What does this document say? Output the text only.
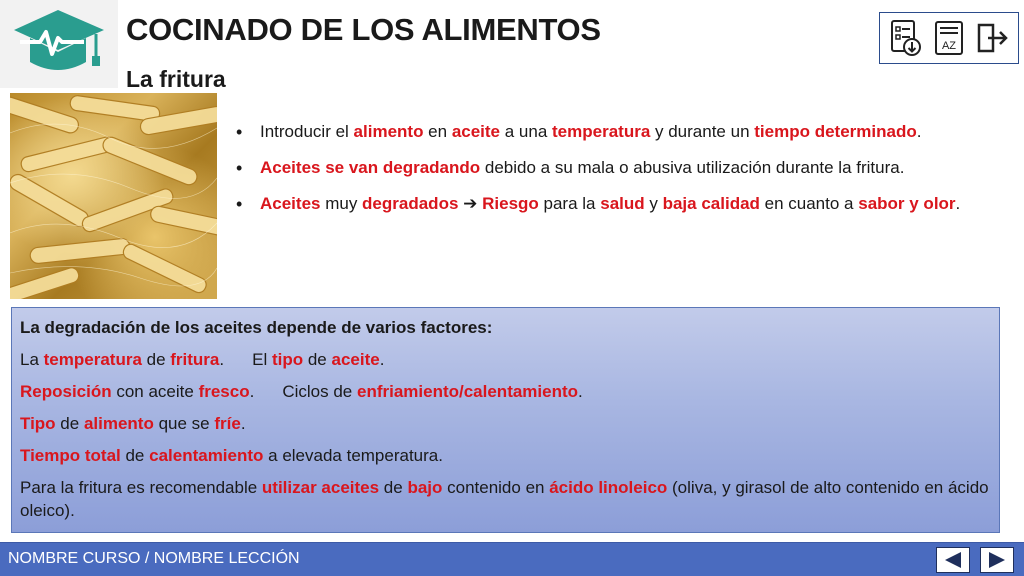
COCINADO DE LOS ALIMENTOS
La fritura
AZ
• Introducir el alimento en aceite a una temperatura y durante un tiempo determinado.
• Aceites se van degradando debido a su mala o abusiva utilización durante la fritura.
• Aceites muy degradados ➔ Riesgo para la salud y baja calidad en cuanto a sabor y olor.
La degradación de los aceites depende de varios factores:
La temperatura de fritura. El tipo de aceite.
Reposición con aceite fresco. Ciclos de enfriamiento/calentamiento.
Tipo de alimento que se fríe.
Tiempo total de calentamiento a elevada temperatura.
Para la fritura es recomendable utilizar aceites de bajo contenido en ácido linoleico (oliva, y girasol de alto contenido en ácido oleico).
NOMBRE CURSO / NOMBRE LECCIÓN
